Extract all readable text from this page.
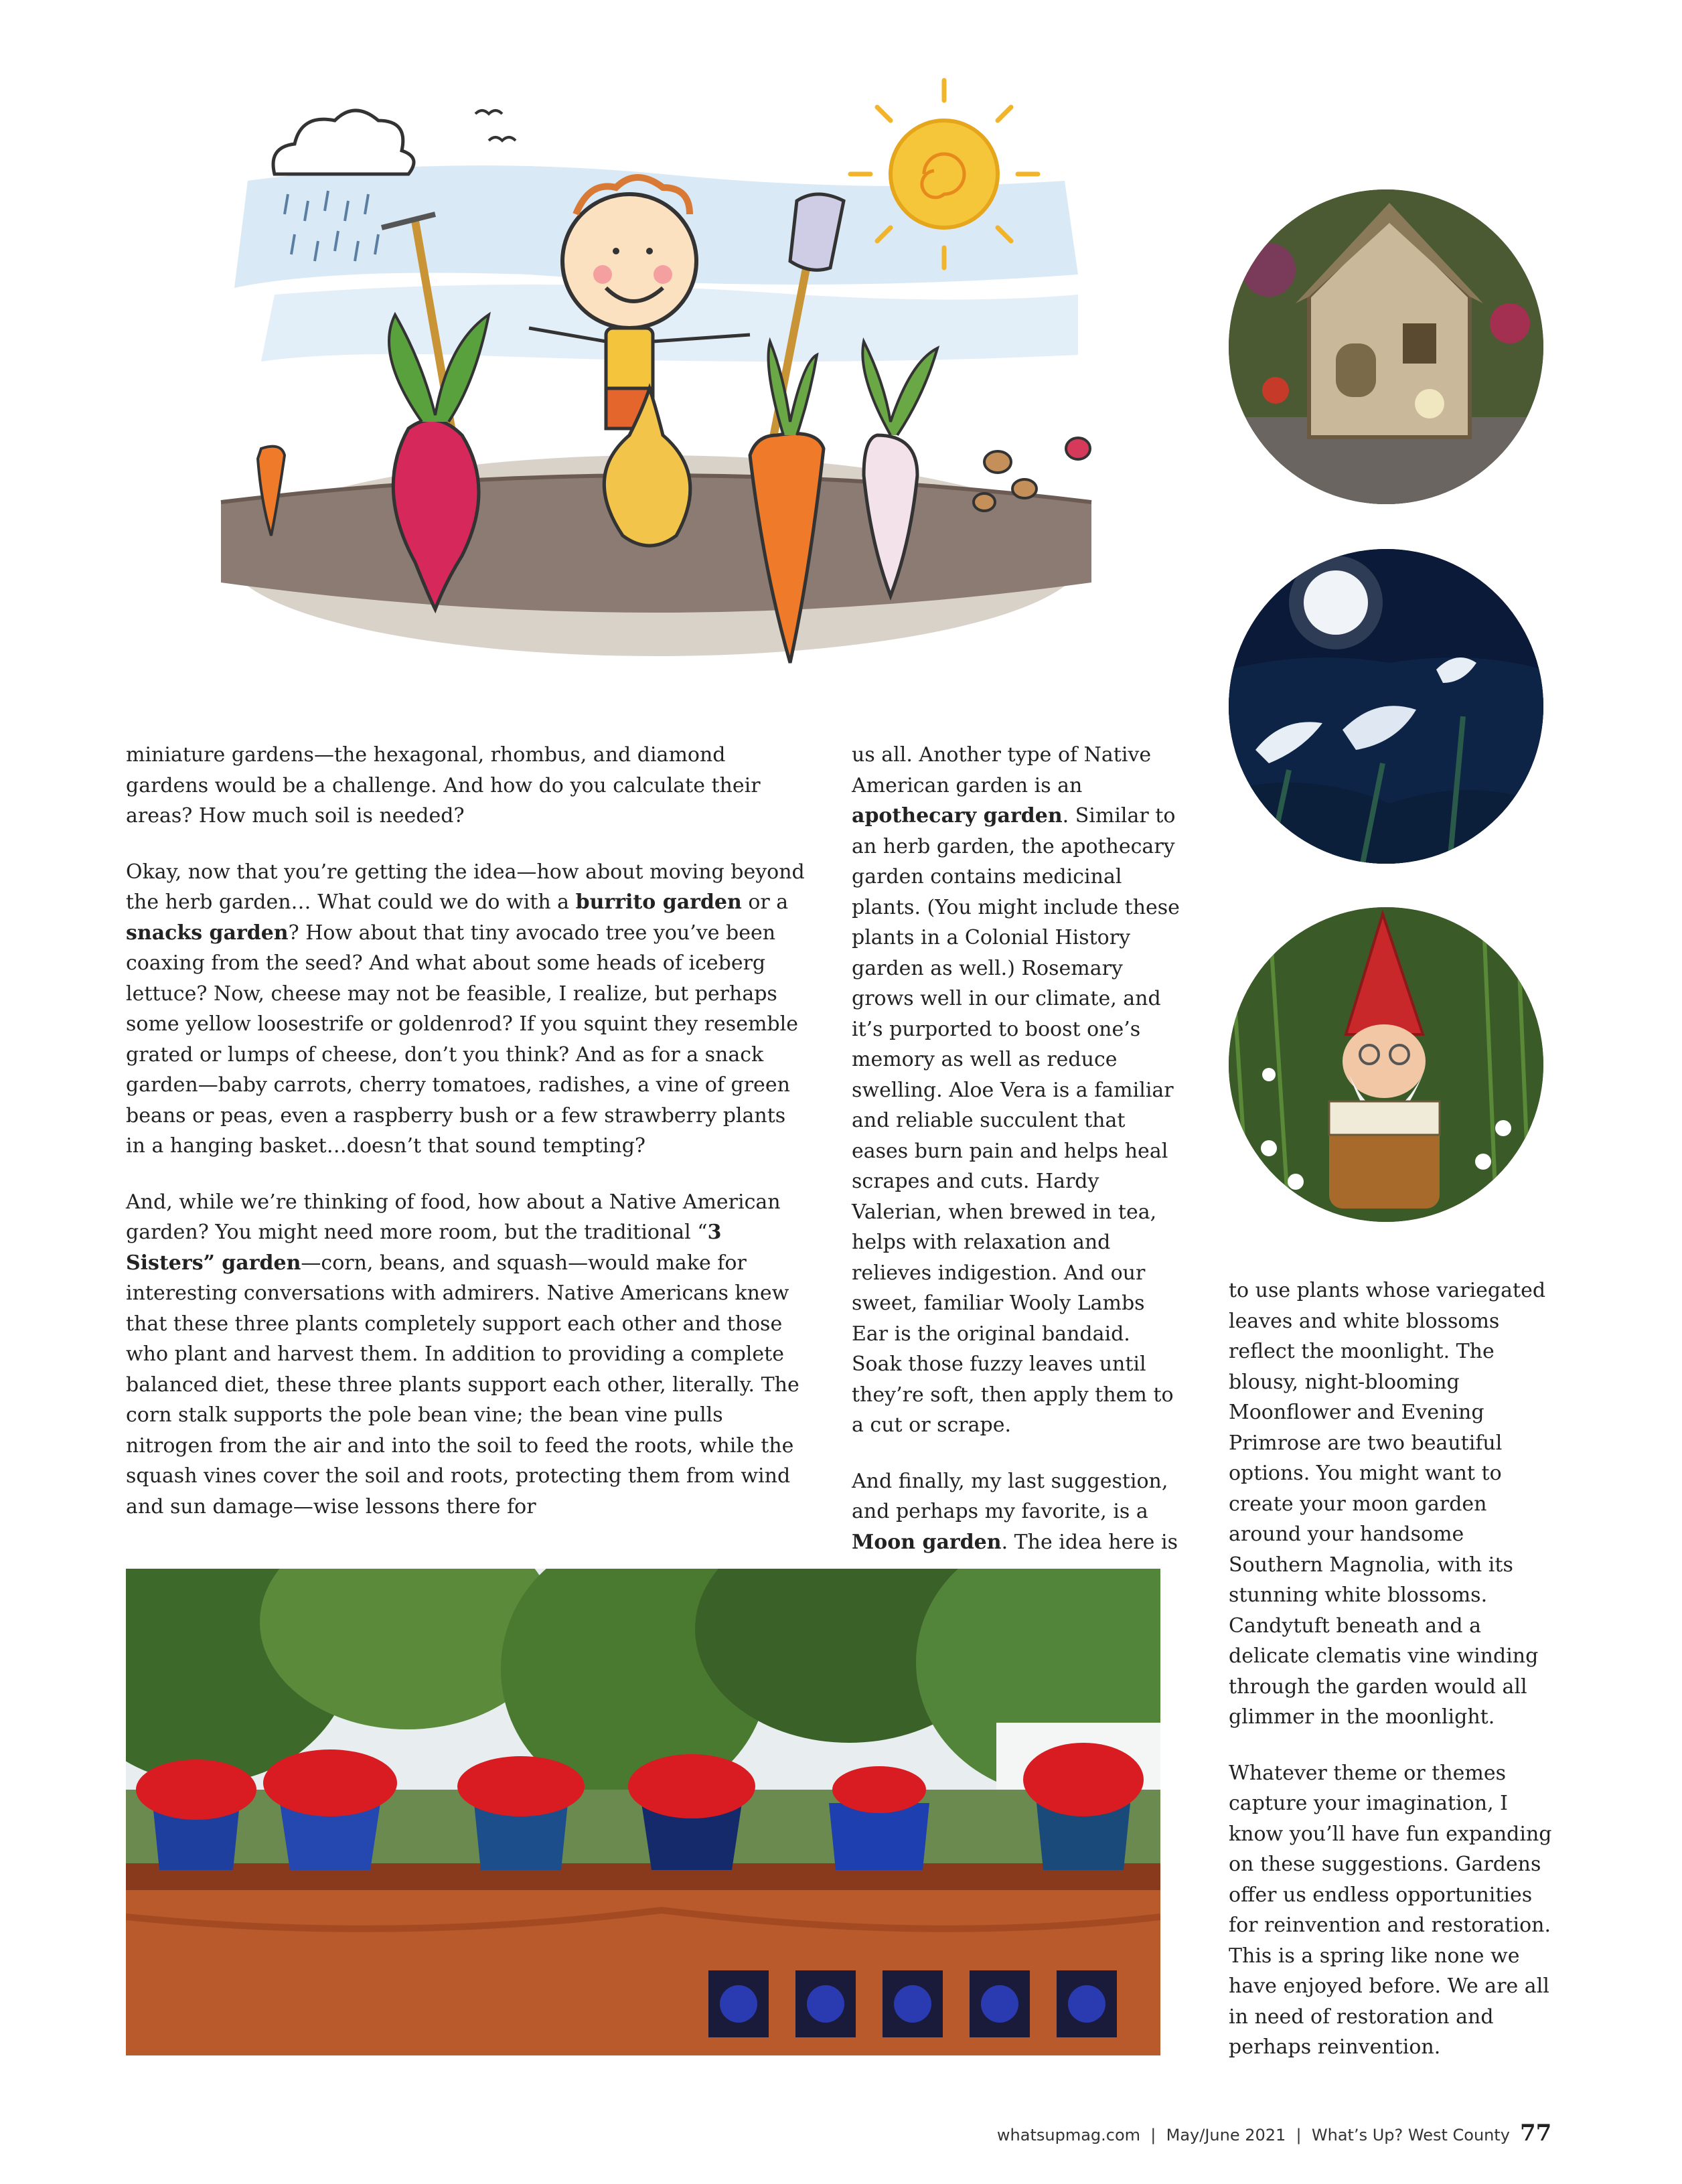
miniature gardens—the hexagonal, rhombus, and diamond gardens would be a challenge. And how do you calculate their areas? How much soil is needed?

Okay, now that you’re getting the idea—how about moving beyond the herb garden… What could we do with a burrito garden or a snacks garden? How about that tiny avocado tree you’ve been coaxing from the seed? And what about some heads of iceberg lettuce? Now, cheese may not be feasible, I realize, but perhaps some yellow loosestrife or goldenrod? If you squint they resemble grated or lumps of cheese, don’t you think? And as for a snack garden—baby carrots, cherry tomatoes, radishes, a vine of green beans or peas, even a raspberry bush or a few strawberry plants in a hanging basket…doesn’t that sound tempting?

And, while we’re thinking of food, how about a Native American garden? You might need more room, but the traditional “3 Sisters” garden—corn, beans, and squash—would make for interesting conversations with admirers. Native Americans knew that these three plants completely support each other and those who plant and harvest them. In addition to providing a complete balanced diet, these three plants support each other, literally. The corn stalk supports the pole bean vine; the bean vine pulls nitrogen from the air and into the soil to feed the roots, while the squash vines cover the soil and roots, protecting them from wind and sun damage—wise lessons there for

us all. Another type of Native American garden is an apothecary garden. Similar to an herb garden, the apothecary garden contains medicinal plants. (You might include these plants in a Colonial History garden as well.) Rosemary grows well in our climate, and it’s purported to boost one’s memory as well as reduce swelling. Aloe Vera is a familiar and reliable succulent that eases burn pain and helps heal scrapes and cuts. Hardy Valerian, when brewed in tea, helps with relaxation and relieves indigestion. And our sweet, familiar Wooly Lambs Ear is the original bandaid. Soak those fuzzy leaves until they’re soft, then apply them to a cut or scrape.

And finally, my last suggestion, and perhaps my favorite, is a Moon garden. The idea here is

to use plants whose variegated leaves and white blossoms reflect the moonlight. The blousy, night-blooming Moonflower and Evening Primrose are two beautiful options. You might want to create your moon garden around your handsome Southern Magnolia, with its stunning white blossoms. Candytuft beneath and a delicate clematis vine winding through the garden would all glimmer in the moonlight.

Whatever theme or themes capture your imagination, I know you’ll have fun expanding on these suggestions. Gardens offer us endless opportunities for reinvention and restoration. This is a spring like none we have enjoyed before. We are all in need of restoration and perhaps reinvention.

whatsupmag.com  |  May/June 2021  |  What’s Up? West County 77
